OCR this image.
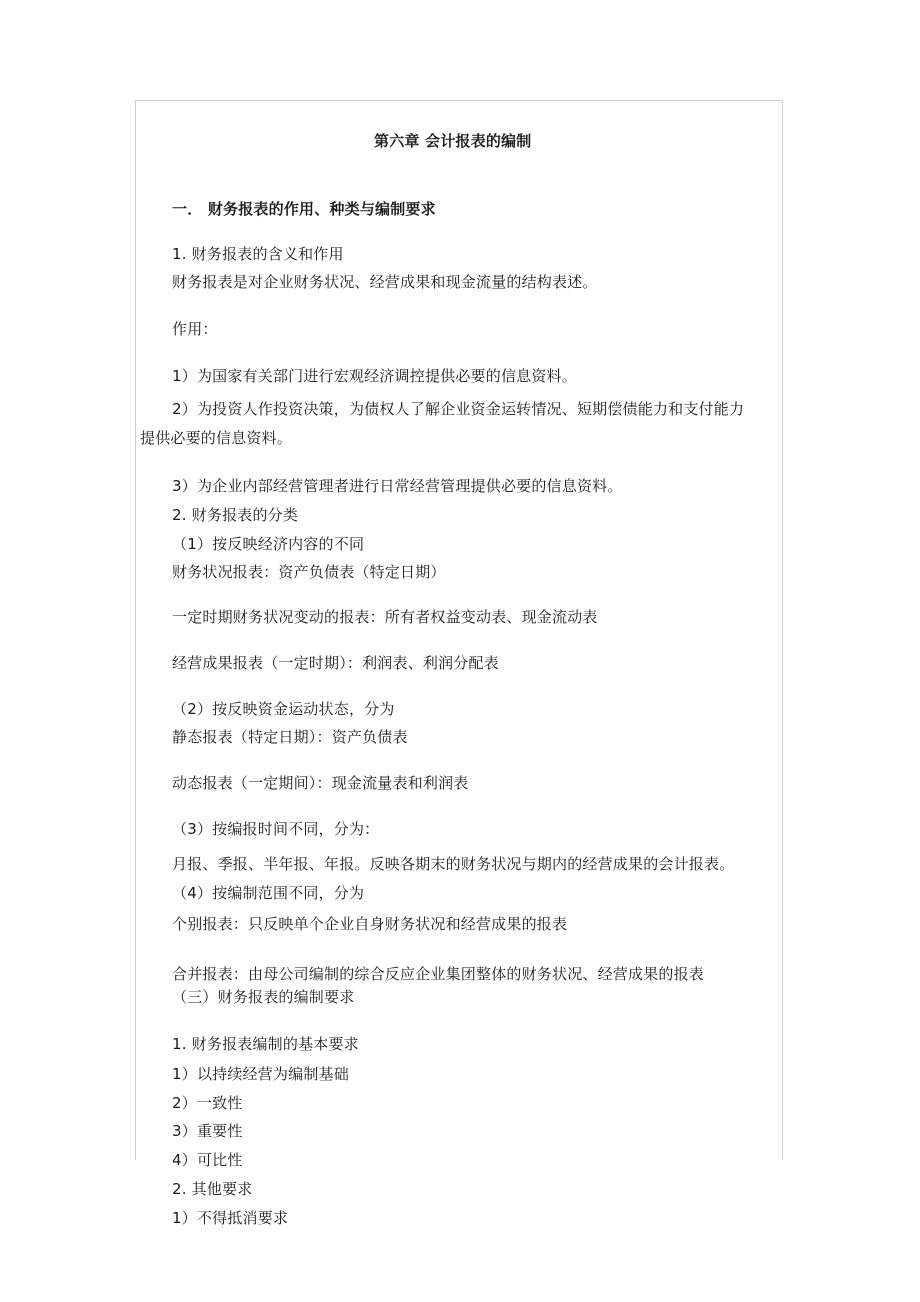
第六章 会计报表的编制
一． 财务报表的作用、种类与编制要求
1. 财务报表的含义和作用
财务报表是对企业财务状况、经营成果和现金流量的结构表述。
作用：
1）为国家有关部门进行宏观经济调控提供必要的信息资料。
2）为投资人作投资决策，为债权人了解企业资金运转情况、短期偿债能力和支付能力
提供必要的信息资料。
3）为企业内部经营管理者进行日常经营管理提供必要的信息资料。
2. 财务报表的分类
（1）按反映经济内容的不同
财务状况报表：资产负债表（特定日期）
一定时期财务状况变动的报表：所有者权益变动表、现金流动表
经营成果报表（一定时期）：利润表、利润分配表
（2）按反映资金运动状态，分为
静态报表（特定日期）：资产负债表
动态报表（一定期间）：现金流量表和利润表
（3）按编报时间不同，分为：
月报、季报、半年报、年报。反映各期末的财务状况与期内的经营成果的会计报表。
（4）按编制范围不同，分为
个别报表：只反映单个企业自身财务状况和经营成果的报表
合并报表：由母公司编制的综合反应企业集团整体的财务状况、经营成果的报表
（三）财务报表的编制要求
1. 财务报表编制的基本要求
1）以持续经营为编制基础
2）一致性
3）重要性
4）可比性
2. 其他要求
1）不得抵消要求
